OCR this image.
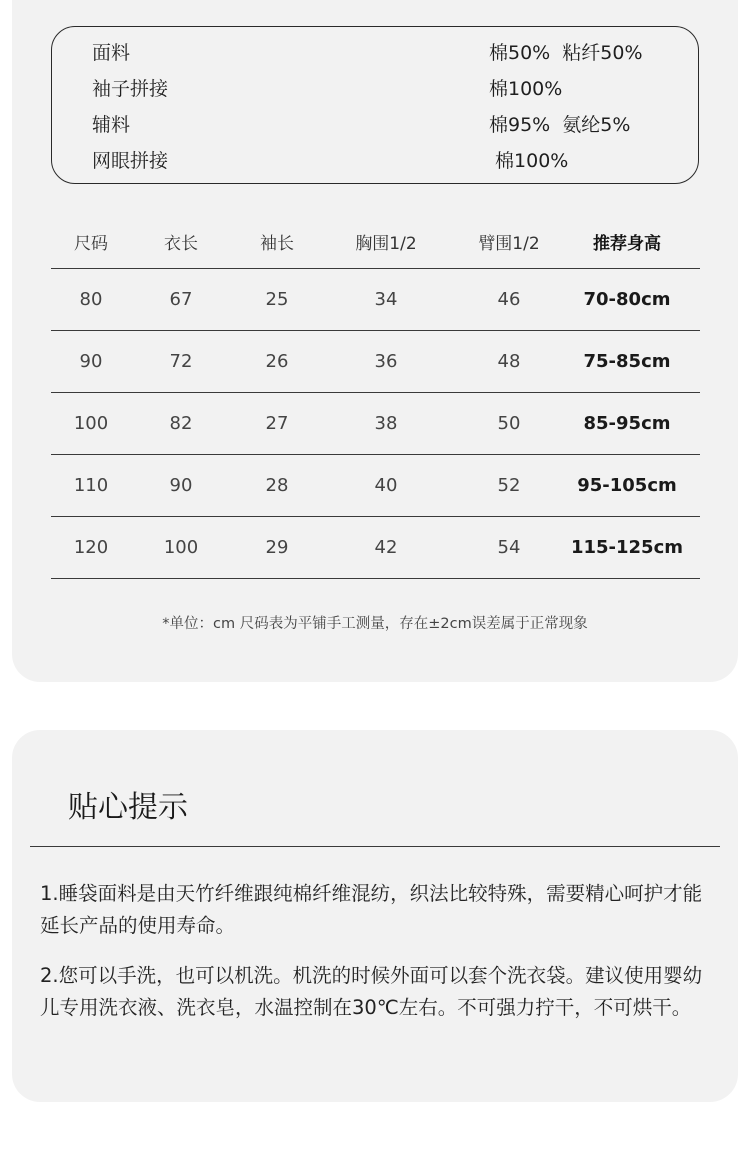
面料	棉50%  粘纤50%
袖子拼接	棉100%
辅料	棉95%  氨纶5%
网眼拼接	棉100%
尺码	衣长	袖长	胸围1/2	臂围1/2	推荐身高
80	67	25	34	46	70-80cm
90	72	26	36	48	75-85cm
100	82	27	38	50	85-95cm
110	90	28	40	52	95-105cm
120	100	29	42	54	115-125cm
*单位：cm 尺码表为平铺手工测量，存在±2cm误差属于正常现象
贴心提示
1.睡袋面料是由天竹纤维跟纯棉纤维混纺，织法比较特殊，需要精心呵护才能延长产品的使用寿命。
2.您可以手洗，也可以机洗。机洗的时候外面可以套个洗衣袋。建议使用婴幼儿专用洗衣液、洗衣皂，水温控制在30℃左右。不可强力拧干，不可烘干。
